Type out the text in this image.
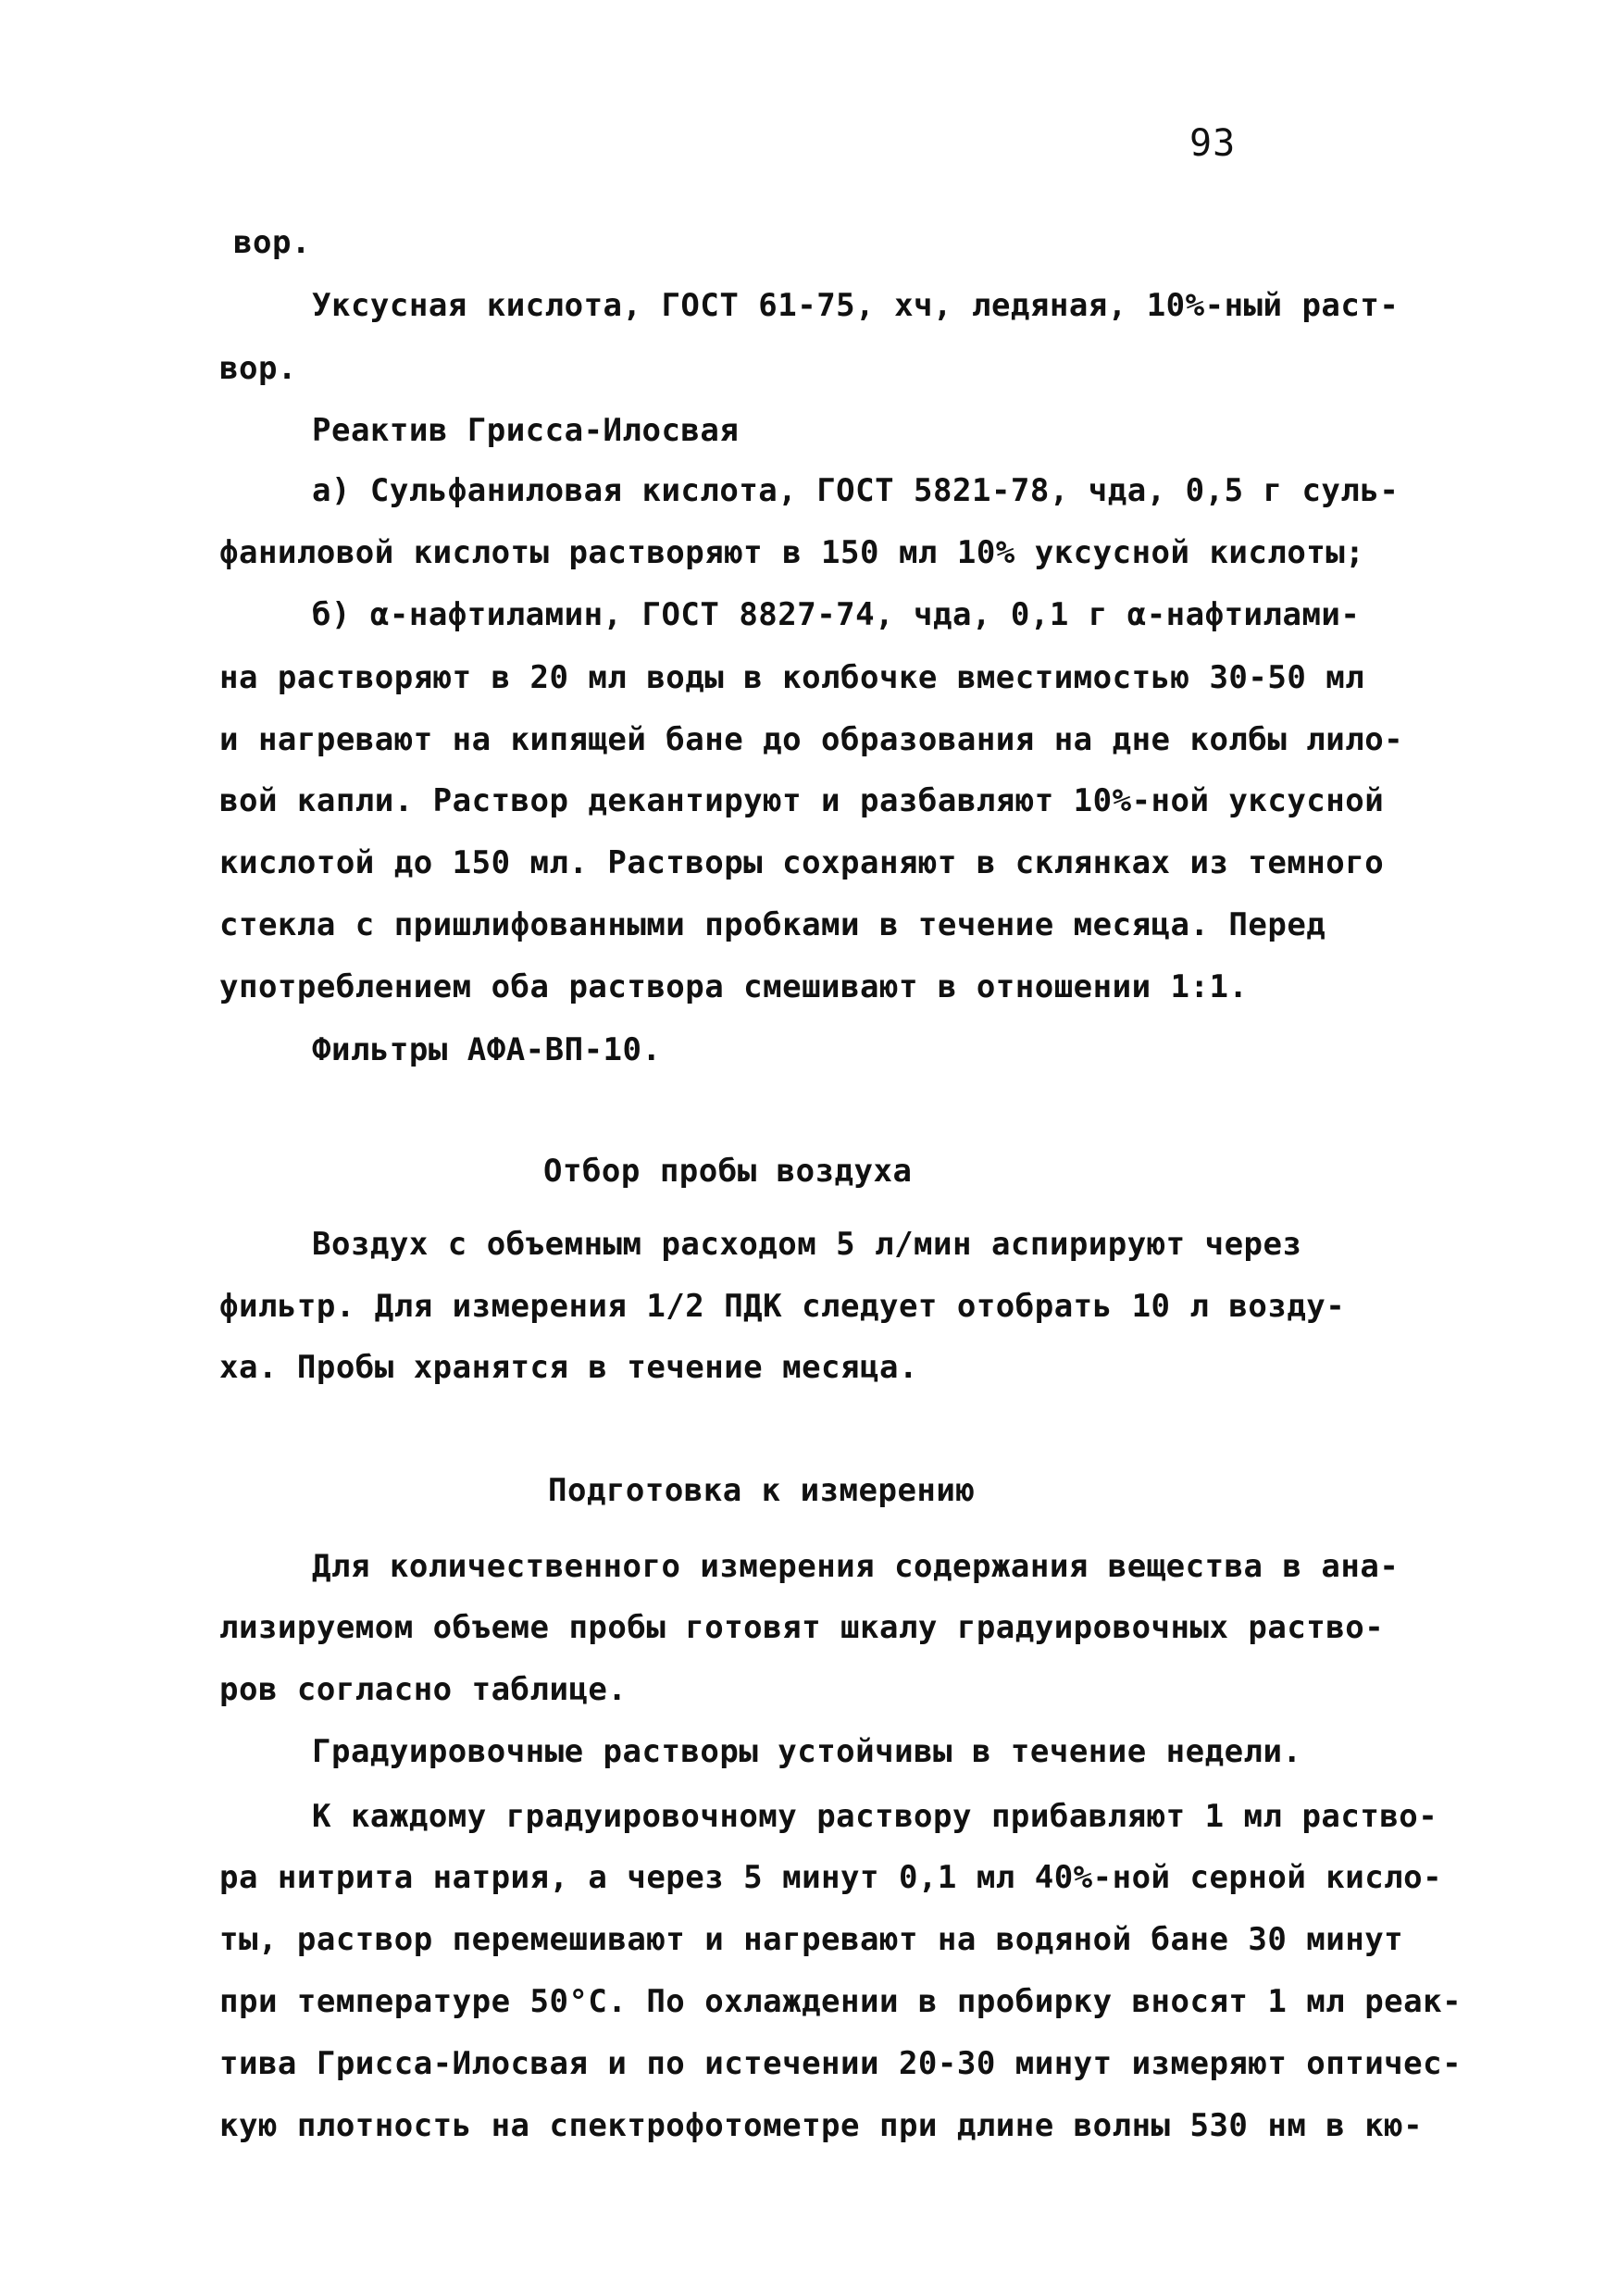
93
вор.
Уксусная кислота, ГОСТ 61-75, хч, ледяная, 10%-ный раст-
вор.
Реактив Грисса-Илосвая
а) Сульфаниловая кислота, ГОСТ 5821-78, чда, 0,5 г суль-
фаниловой кислоты растворяют в 150 мл 10% уксусной кислоты;
б) α-нафтиламин, ГОСТ 8827-74, чда, 0,1 г α-нафтилами-
на растворяют в 20 мл воды в колбочке вместимостью 30-50 мл
и нагревают на кипящей бане до образования на дне колбы лило-
вой капли. Раствор декантируют и разбавляют 10%-ной уксусной
кислотой до 150 мл. Растворы сохраняют в склянках из темного
стекла с пришлифованными пробками в течение месяца. Перед
употреблением оба раствора смешивают в отношении 1:1.
Фильтры АФА-ВП-10.
Отбор пробы воздуха
Воздух с объемным расходом 5 л/мин аспирируют через
фильтр. Для измерения 1/2 ПДК следует отобрать 10 л возду-
ха. Пробы хранятся в течение месяца.
Подготовка к измерению
Для количественного измерения содержания вещества в ана-
лизируемом объеме пробы готовят шкалу градуировочных раство-
ров согласно таблице.
Градуировочные растворы устойчивы в течение недели.
К каждому градуировочному раствору прибавляют 1 мл раство-
ра нитрита натрия, а через 5 минут 0,1 мл 40%-ной серной кисло-
ты, раствор перемешивают и нагревают на водяной бане 30 минут
при температуре 50°С. По охлаждении в пробирку вносят 1 мл реак-
тива Грисса-Илосвая и по истечении 20-30 минут измеряют оптичес-
кую плотность на спектрофотометре при длине волны 530 нм в кю-
